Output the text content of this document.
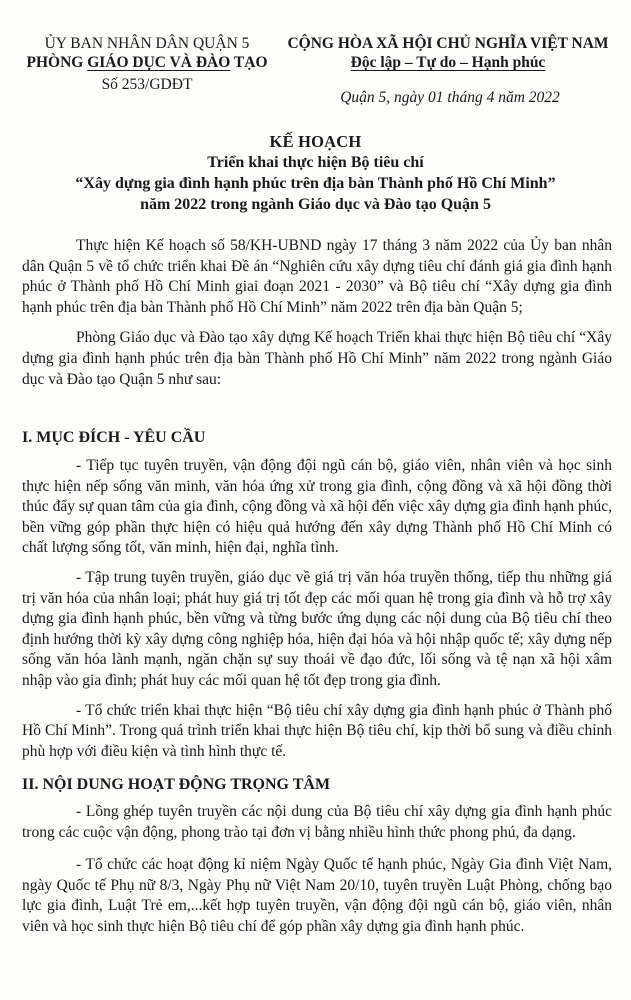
ỦY BAN NHÂN DÂN QUẬN 5
PHÒNG GIÁO DỤC VÀ ĐÀO TẠO
Số 253/GDĐT
CỘNG HÒA XÃ HỘI CHỦ NGHĨA VIỆT NAM
Độc lập – Tự do – Hạnh phúc
Quận 5, ngày 01 tháng 4 năm 2022
KẾ HOẠCH
Triển khai thực hiện Bộ tiêu chí
“Xây dựng gia đình hạnh phúc trên địa bàn Thành phố Hồ Chí Minh”
năm 2022 trong ngành Giáo dục và Đào tạo Quận 5

Thực hiện Kế hoạch số 58/KH-UBND ngày 17 tháng 3 năm 2022 của Ủy ban nhân dân Quận 5 về tổ chức triển khai Đề án “Nghiên cứu xây dựng tiêu chí đánh giá gia đình hạnh phúc ở Thành phố Hồ Chí Minh giai đoạn 2021 - 2030” và Bộ tiêu chí “Xây dựng gia đình hạnh phúc trên địa bàn Thành phố Hồ Chí Minh” năm 2022 trên địa bàn Quận 5;

Phòng Giáo dục và Đào tạo xây dựng Kế hoạch Triển khai thực hiện Bộ tiêu chí “Xây dựng gia đình hạnh phúc trên địa bàn Thành phố Hồ Chí Minh” năm 2022 trong ngành Giáo dục và Đào tạo Quận 5 như sau:

I. MỤC ĐÍCH - YÊU CẦU

- Tiếp tục tuyên truyền, vận động đội ngũ cán bộ, giáo viên, nhân viên và học sinh thực hiện nếp sống văn minh, văn hóa ứng xử trong gia đình, cộng đồng và xã hội đồng thời thúc đẩy sự quan tâm của gia đình, cộng đồng và xã hội đến việc xây dựng gia đình hạnh phúc, bền vững góp phần thực hiện có hiệu quả hướng đến xây dựng Thành phố Hồ Chí Minh có chất lượng sống tốt, văn minh, hiện đại, nghĩa tình.

- Tập trung tuyên truyền, giáo dục về giá trị văn hóa truyền thống, tiếp thu những giá trị văn hóa của nhân loại; phát huy giá trị tốt đẹp các mối quan hệ trong gia đình và hỗ trợ xây dựng gia đình hạnh phúc, bền vững và từng bước ứng dụng các nội dung của Bộ tiêu chí theo định hướng thời kỳ xây dựng công nghiệp hóa, hiện đại hóa và hội nhập quốc tế; xây dựng nếp sống văn hóa lành mạnh, ngăn chặn sự suy thoái về đạo đức, lối sống và tệ nạn xã hội xâm nhập vào gia đình; phát huy các mối quan hệ tốt đẹp trong gia đình.

- Tổ chức triển khai thực hiện “Bộ tiêu chí xây dựng gia đình hạnh phúc ở Thành phố Hồ Chí Minh”. Trong quá trình triển khai thực hiện Bộ tiêu chí, kịp thời bổ sung và điều chỉnh phù hợp với điều kiện và tình hình thực tế.

II. NỘI DUNG HOẠT ĐỘNG TRỌNG TÂM

- Lồng ghép tuyên truyền các nội dung của Bộ tiêu chí xây dựng gia đình hạnh phúc trong các cuộc vận động, phong trào tại đơn vị bằng nhiều hình thức phong phú, đa dạng.

- Tổ chức các hoạt động kỉ niệm Ngày Quốc tế hạnh phúc, Ngày Gia đình Việt Nam, ngày Quốc tế Phụ nữ 8/3, Ngày Phụ nữ Việt Nam 20/10, tuyên truyền Luật Phòng, chống bạo lực gia đình, Luật Trẻ em,...kết hợp tuyên truyền, vận động đội ngũ cán bộ, giáo viên, nhân viên và học sinh thực hiện Bộ tiêu chí để góp phần xây dựng gia đình hạnh phúc.
